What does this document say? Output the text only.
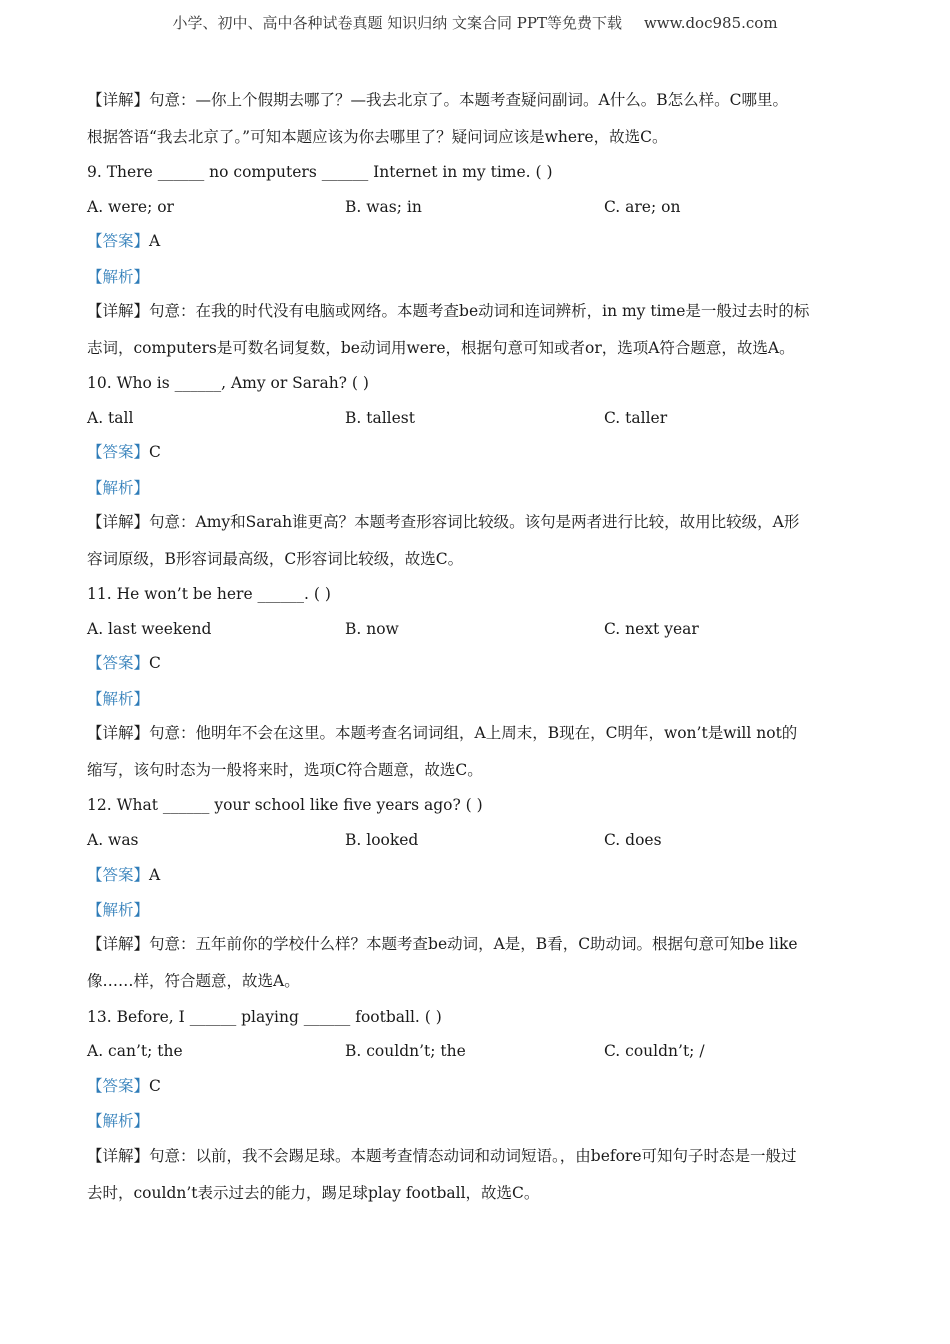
小学、初中、高中各种试卷真题 知识归纳 文案合同 PPT等免费下载 www.doc985.com
【详解】句意：—你上个假期去哪了？—我去北京了。本题考查疑问副词。A什么。B怎么样。C哪里。
根据答语“我去北京了。”可知本题应该为你去哪里了？疑问词应该是where，故选C。
9. There ______ no computers ______ Internet in my time. ( )
A. were; or	B. was; in	C. are; on
【答案】A
【解析】
【详解】句意：在我的时代没有电脑或网络。本题考查be动词和连词辨析，in my time是一般过去时的标
志词，computers是可数名词复数，be动词用were，根据句意可知或者or，选项A符合题意，故选A。
10. Who is ______, Amy or Sarah? ( )
A. tall	B. tallest	C. taller
【答案】C
【解析】
【详解】句意：Amy和Sarah谁更高？本题考查形容词比较级。该句是两者进行比较，故用比较级，A形
容词原级，B形容词最高级，C形容词比较级，故选C。
11. He won’t be here ______. ( )
A. last weekend	B. now	C. next year
【答案】C
【解析】
【详解】句意：他明年不会在这里。本题考查名词词组，A上周末，B现在，C明年，won’t是will not的
缩写，该句时态为一般将来时，选项C符合题意，故选C。
12. What ______ your school like five years ago? ( )
A. was	B. looked	C. does
【答案】A
【解析】
【详解】句意：五年前你的学校什么样？本题考查be动词，A是，B看，C助动词。根据句意可知be like
像……样，符合题意，故选A。
13. Before, I ______ playing ______ football. ( )
A. can’t; the	B. couldn’t; the	C. couldn’t; /
【答案】C
【解析】
【详解】句意：以前，我不会踢足球。本题考查情态动词和动词短语。，由before可知句子时态是一般过
去时，couldn’t表示过去的能力，踢足球play football，故选C。
